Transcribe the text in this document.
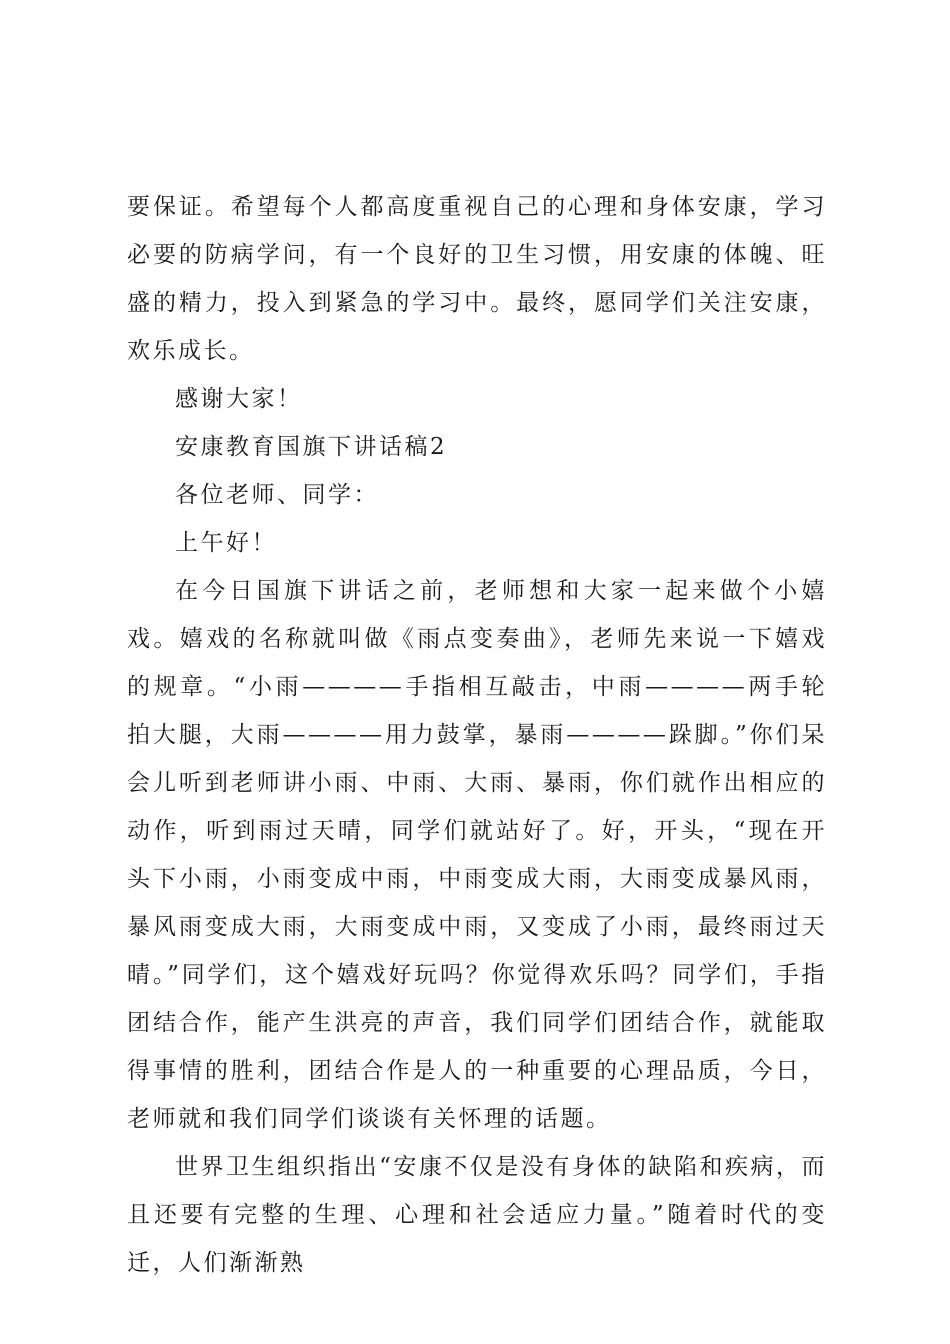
要保证。希望每个人都高度重视自己的心理和身体安康，学习必要的防病学问，有一个良好的卫生习惯，用安康的体魄、旺盛的精力，投入到紧急的学习中。最终，愿同学们关注安康，欢乐成长。

感谢大家！

安康教育国旗下讲话稿2

各位老师、同学：

上午好！

在今日国旗下讲话之前，老师想和大家一起来做个小嬉戏。嬉戏的名称就叫做《雨点变奏曲》，老师先来说一下嬉戏的规章。“小雨————手指相互敲击，中雨————两手轮拍大腿，大雨————用力鼓掌，暴雨————跺脚。”你们呆会儿听到老师讲小雨、中雨、大雨、暴雨，你们就作出相应的动作，听到雨过天晴，同学们就站好了。好，开头，“现在开头下小雨，小雨变成中雨，中雨变成大雨，大雨变成暴风雨，暴风雨变成大雨，大雨变成中雨，又变成了小雨，最终雨过天晴。”同学们，这个嬉戏好玩吗？你觉得欢乐吗？同学们，手指团结合作，能产生洪亮的声音，我们同学们团结合作，就能取得事情的胜利，团结合作是人的一种重要的心理品质，今日，老师就和我们同学们谈谈有关怀理的话题。

世界卫生组织指出“安康不仅是没有身体的缺陷和疾病，而且还要有完整的生理、心理和社会适应力量。”随着时代的变迁，人们渐渐熟
